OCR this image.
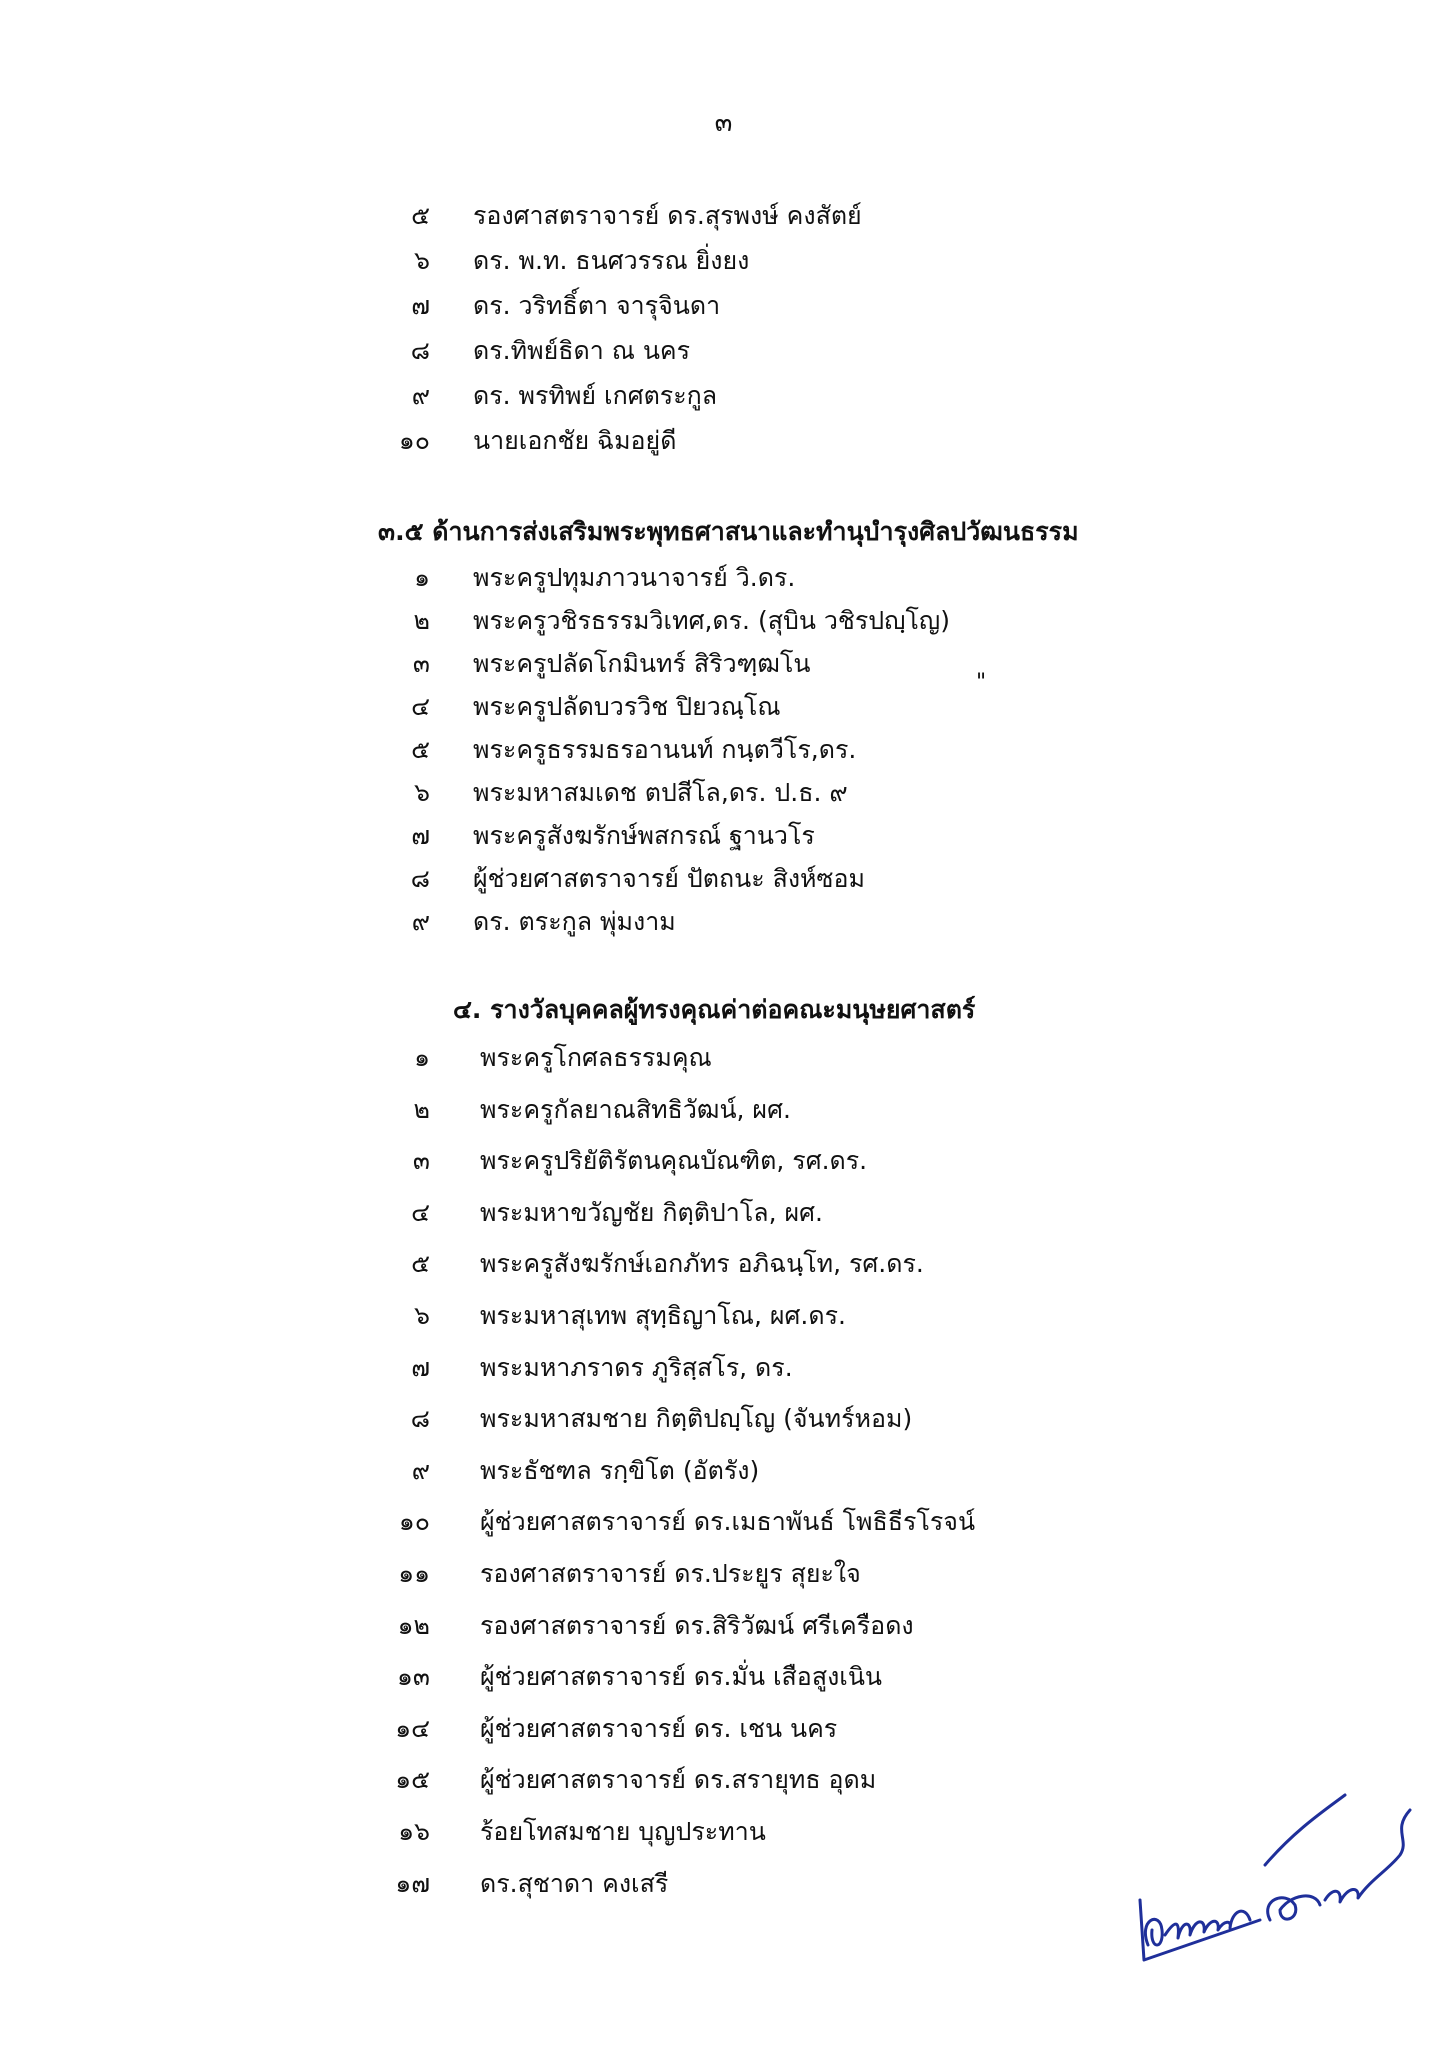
๓
๕ รองศาสตราจารย์ ดร.สุรพงษ์ คงสัตย์
๖ ดร. พ.ท. ธนศวรรณ ยิ่งยง
๗ ดร. วริทธิ์ตา จารุจินดา
๘ ดร.ทิพย์ธิดา ณ นคร
๙ ดร. พรทิพย์ เกศตระกูล
๑๐ นายเอกชัย ฉิมอยู่ดี
๓.๕ ด้านการส่งเสริมพระพุทธศาสนาและทำนุบำรุงศิลปวัฒนธรรม
๑ พระครูปทุมภาวนาจารย์ วิ.ดร.
๒ พระครูวชิรธรรมวิเทศ,ดร. (สุบิน วชิรปญฺโญ)
๓ พระครูปลัดโกมินทร์ สิริวฑฺฒโน
๔ พระครูปลัดบวรวิช ปิยวณฺโณ
๕ พระครูธรรมธรอานนท์ กนฺตวีโร,ดร.
๖ พระมหาสมเดช ตปสีโล,ดร. ป.ธ. ๙
๗ พระครูสังฆรักษ์พสกรณ์ ฐานวโร
๘ ผู้ช่วยศาสตราจารย์ ปัตถนะ สิงห์ซอม
๙ ดร. ตระกูล พุ่มงาม
"
๔. รางวัลบุคคลผู้ทรงคุณค่าต่อคณะมนุษยศาสตร์
๑ พระครูโกศลธรรมคุณ
๒ พระครูกัลยาณสิทธิวัฒน์, ผศ.
๓ พระครูปริยัติรัตนคุณบัณฑิต, รศ.ดร.
๔ พระมหาขวัญชัย กิตฺติปาโล, ผศ.
๕ พระครูสังฆรักษ์เอกภัทร อภิฉนฺโท, รศ.ดร.
๖ พระมหาสุเทพ สุทฺธิญาโณ, ผศ.ดร.
๗ พระมหาภราดร ภูริสฺสโร, ดร.
๘ พระมหาสมชาย กิตฺติปญฺโญ (จันทร์หอม)
๙ พระธัชฑล รกฺขิโต (อัตรัง)
๑๐ ผู้ช่วยศาสตราจารย์ ดร.เมธาพันธ์ โพธิธีรโรจน์
๑๑ รองศาสตราจารย์ ดร.ประยูร สุยะใจ
๑๒ รองศาสตราจารย์ ดร.สิริวัฒน์ ศรีเครือดง
๑๓ ผู้ช่วยศาสตราจารย์ ดร.มั่น เสือสูงเนิน
๑๔ ผู้ช่วยศาสตราจารย์ ดร. เชน นคร
๑๕ ผู้ช่วยศาสตราจารย์ ดร.สรายุทธ อุดม
๑๖ ร้อยโทสมชาย บุญประทาน
๑๗ ดร.สุชาดา คงเสรี
